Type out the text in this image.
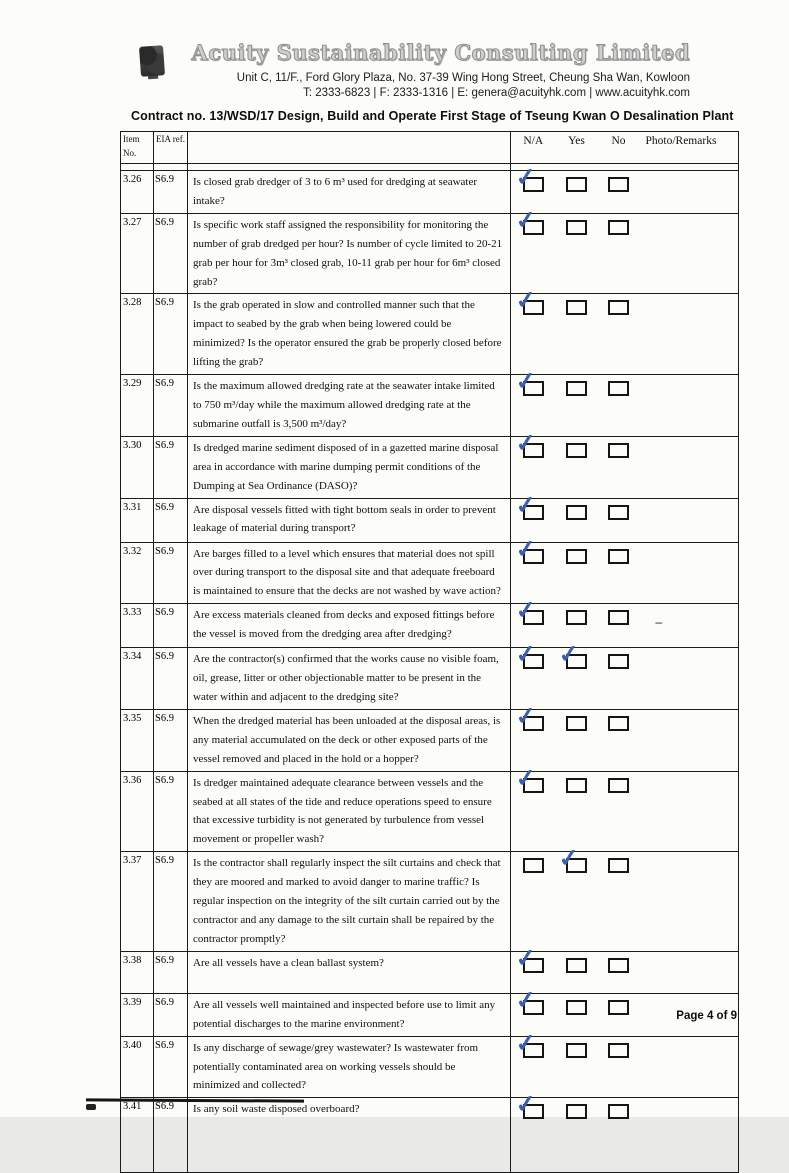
Acuity Sustainability Consulting Limited
Unit C, 11/F., Ford Glory Plaza, No. 37-39 Wing Hong Street, Cheung Sha Wan, Kowloon
T: 2333-6823 | F: 2333-1316 | E: genera@acuityhk.com | www.acuityhk.com
Contract no. 13/WSD/17 Design, Build and Operate First Stage of Tseung Kwan O Desalination Plant
Item
No.	EIA ref.		N/A	Yes	No	Photo/Remarks

3.26	S6.9	Is closed grab dredger of 3 to 6 m³ used for dredging at seawater intake?	✓			

3.27	S6.9	Is specific work staff assigned the responsibility for monitoring the number of grab dredged per hour? Is number of cycle limited to 20-21 grab per hour for 3m³ closed grab, 10-11 grab per hour for 6m³ closed grab?	✓			

3.28	S6.9	Is the grab operated in slow and controlled manner such that the impact to seabed by the grab when being lowered could be minimized? Is the operator ensured the grab be properly closed before lifting the grab?	✓			

3.29	S6.9	Is the maximum allowed dredging rate at the seawater intake limited to 750 m³/day while the maximum allowed dredging rate at the submarine outfall is 3,500 m³/day?	✓			

3.30	S6.9	Is dredged marine sediment disposed of in a gazetted marine disposal area in accordance with marine dumping permit conditions of the Dumping at Sea Ordinance (DASO)?	✓			

3.31	S6.9	Are disposal vessels fitted with tight bottom seals in order to prevent leakage of material during transport?	✓			

3.32	S6.9	Are barges filled to a level which ensures that material does not spill over during transport to the disposal site and that adequate freeboard is maintained to ensure that the decks are not washed by wave action?	✓			

3.33	S6.9	Are excess materials cleaned from decks and exposed fittings before the vessel is moved from the dredging area after dredging?	✓			–
3.34	S6.9	Are the contractor(s) confirmed that the works cause no visible foam, oil, grease, litter or other objectionable matter to be present in the water within and adjacent to the dredging site?	✓	✓		

3.35	S6.9	When the dredged material has been unloaded at the disposal areas, is any material accumulated on the deck or other exposed parts of the vessel removed and placed in the hold or a hopper?	✓			

3.36	S6.9	Is dredger maintained adequate clearance between vessels and the seabed at all states of the tide and reduce operations speed to ensure that excessive turbidity is not generated by turbulence from vessel movement or propeller wash?	✓			

3.37	S6.9	Is the contractor shall regularly inspect the silt curtains and check that they are moored and marked to avoid danger to marine traffic? Is regular inspection on the integrity of the silt curtain carried out by the contractor and any damage to the silt curtain shall be repaired by the contractor promptly?		✓		

3.38	S6.9	Are all vessels have a clean ballast system?	✓			

3.39	S6.9	Are all vessels well maintained and inspected before use to limit any potential discharges to the marine environment?	✓			

3.40	S6.9	Is any discharge of sewage/grey wastewater? Is wastewater from potentially contaminated area on working vessels should be minimized and collected?	✓			

3.41	S6.9	Is any soil waste disposed overboard?	✓			

Page 4 of 9
